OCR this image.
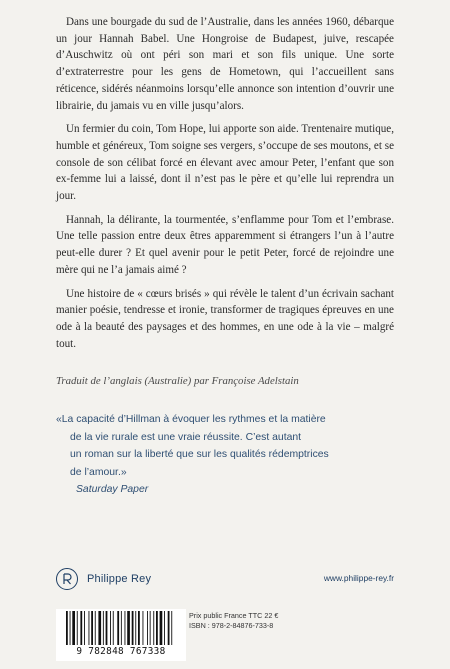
Dans une bourgade du sud de l’Australie, dans les années 1960, débarque un jour Hannah Babel. Une Hongroise de Budapest, juive, rescapée d’Auschwitz où ont péri son mari et son fils unique. Une sorte d’extraterrestre pour les gens de Hometown, qui l’accueillent sans réticence, sidérés néanmoins lorsqu’elle annonce son intention d’ouvrir une librairie, du jamais vu en ville jusqu’alors.

Un fermier du coin, Tom Hope, lui apporte son aide. Trentenaire mutique, humble et généreux, Tom soigne ses vergers, s’occupe de ses moutons, et se console de son célibat forcé en élevant avec amour Peter, l’enfant que son ex-femme lui a laissé, dont il n’est pas le père et qu’elle lui reprendra un jour.

Hannah, la délirante, la tourmentée, s’enflamme pour Tom et l’embrase. Une telle passion entre deux êtres apparemment si étrangers l’un à l’autre peut-elle durer ? Et quel avenir pour le petit Peter, forcé de rejoindre une mère qui ne l’a jamais aimé ?

Une histoire de « cœurs brisés » qui révèle le talent d’un écrivain sachant manier poésie, tendresse et ironie, transformer de tragiques épreuves en une ode à la beauté des paysages et des hommes, en une ode à la vie – malgré tout.

Traduit de l’anglais (Australie) par Françoise Adelstain
«La capacité d’Hillman à évoquer les rythmes et la matière
de la vie rurale est une vraie réussite. C’est autant
un roman sur la liberté que sur les qualités rédemptrices
de l’amour.»
Saturday Paper
Philippe Rey	www.philippe-rey.fr
9 782848 767338
Prix public France TTC 22 €
ISBN : 978-2-84876-733-8
